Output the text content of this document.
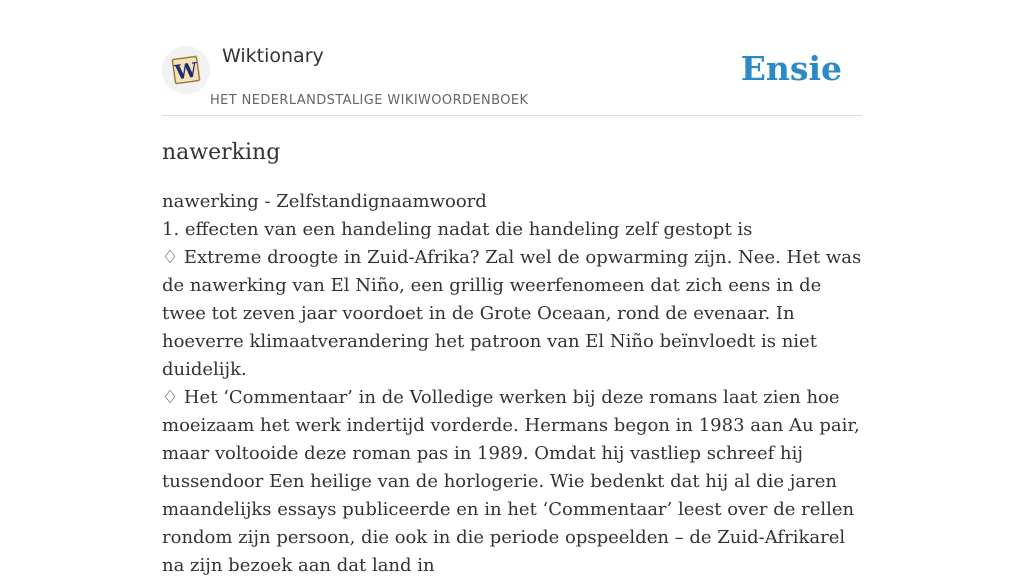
W
Wiktionary
HET NEDERLANDSTALIGE WIKIWOORDENBOEK
Ensie
nawerking

nawerking - Zelfstandignaamwoord

1. effecten van een handeling nadat die handeling zelf gestopt is

♢ Extreme droogte in Zuid-Afrika? Zal wel de opwarming zijn. Nee. Het was de nawerking van El Niño, een grillig weerfenomeen dat zich eens in de twee tot zeven jaar voordoet in de Grote Oceaan, rond de evenaar. In hoeverre klimaatverandering het patroon van El Niño beïnvloedt is niet duidelijk.

♢ Het ‘Commentaar’ in de Volledige werken bij deze romans laat zien hoe moeizaam het werk indertijd vorderde. Hermans begon in 1983 aan Au pair, maar voltooide deze roman pas in 1989. Omdat hij vastliep schreef hij tussendoor Een heilige van de horlogerie. Wie bedenkt dat hij al die jaren maandelijks essays publiceerde en in het ‘Commentaar’ leest over de rellen rondom zijn persoon, die ook in die periode opspeelden – de Zuid-Afrikarel na zijn bezoek aan dat land in
